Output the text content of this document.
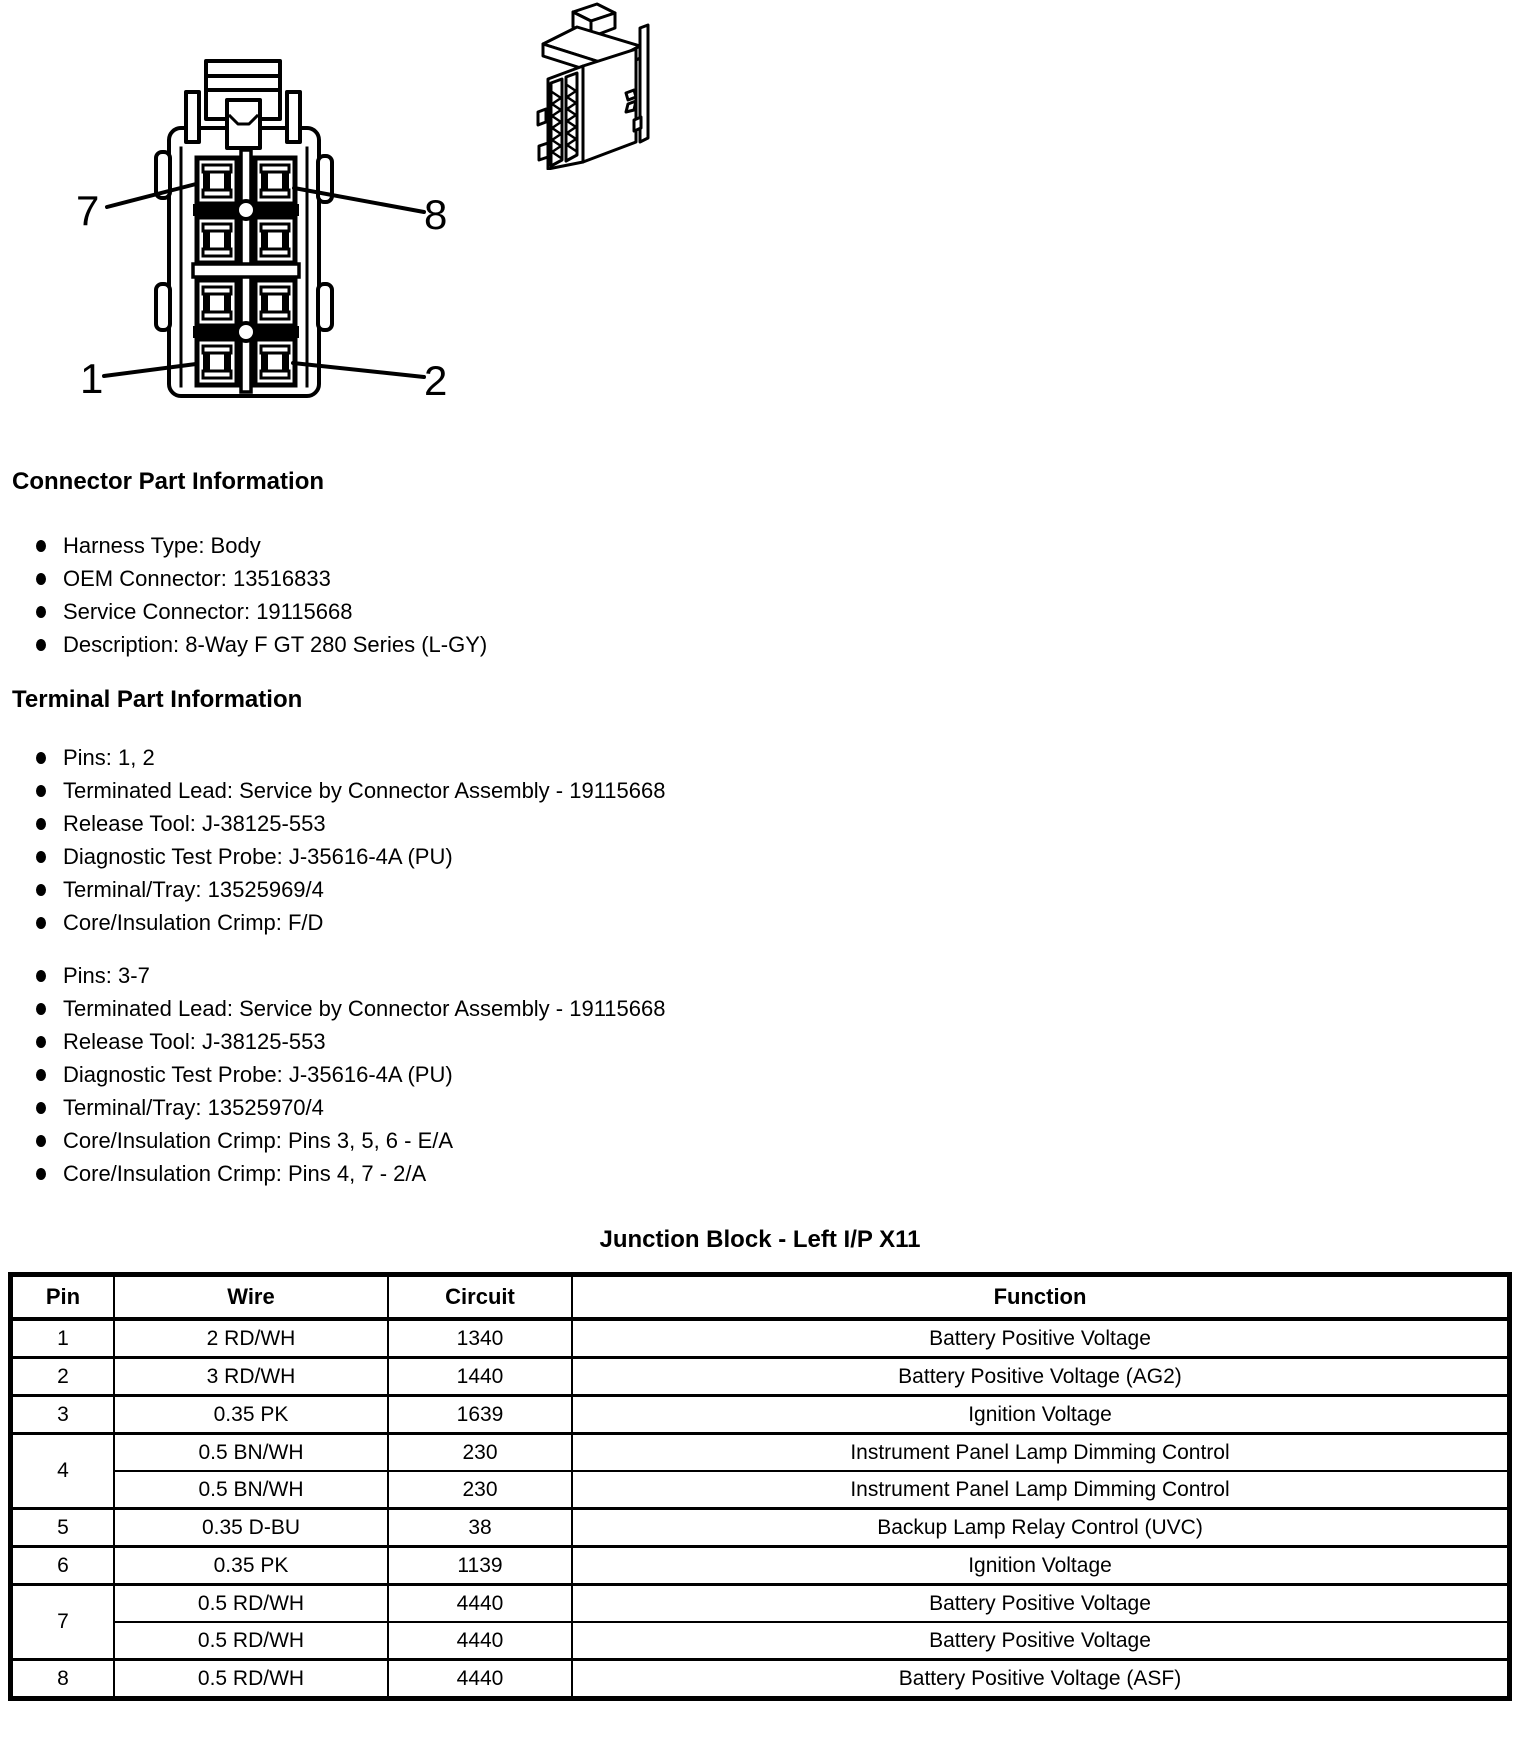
7	8
1	2
Connector Part Information
Harness Type: Body
OEM Connector: 13516833
Service Connector: 19115668
Description: 8-Way F GT 280 Series (L-GY)
Terminal Part Information
Pins: 1, 2
Terminated Lead: Service by Connector Assembly - 19115668
Release Tool: J-38125-553
Diagnostic Test Probe: J-35616-4A (PU)
Terminal/Tray: 13525969/4
Core/Insulation Crimp: F/D
Pins: 3-7
Terminated Lead: Service by Connector Assembly - 19115668
Release Tool: J-38125-553
Diagnostic Test Probe: J-35616-4A (PU)
Terminal/Tray: 13525970/4
Core/Insulation Crimp: Pins 3, 5, 6 - E/A
Core/Insulation Crimp: Pins 4, 7 - 2/A
Junction Block - Left I/P X11
Pin	Wire	Circuit	Function
1	2 RD/WH	1340	Battery Positive Voltage
2	3 RD/WH	1440	Battery Positive Voltage (AG2)
3	0.35 PK	1639	Ignition Voltage
4	0.5 BN/WH	230	Instrument Panel Lamp Dimming Control
	0.5 BN/WH	230	Instrument Panel Lamp Dimming Control
5	0.35 D-BU	38	Backup Lamp Relay Control (UVC)
6	0.35 PK	1139	Ignition Voltage
7	0.5 RD/WH	4440	Battery Positive Voltage
	0.5 RD/WH	4440	Battery Positive Voltage
8	0.5 RD/WH	4440	Battery Positive Voltage (ASF)
